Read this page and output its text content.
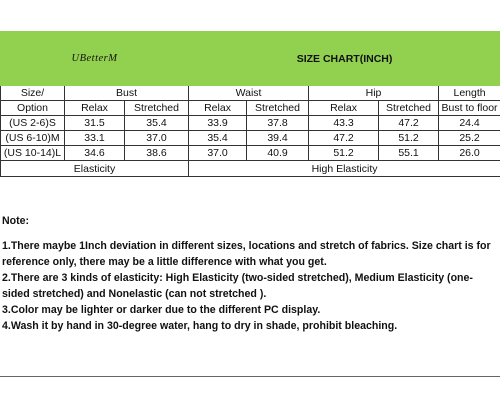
UBetterM			SIZE CHART(INCH)				
Size/	Bust		Waist		Hip		Length
Option	Relax	Stretched	Relax	Stretched	Relax	Stretched	Bust to floor
(US 2-6)S	31.5	35.4	33.9	37.8	43.3	47.2	24.4
(US 6-10)M	33.1	37.0	35.4	39.4	47.2	51.2	25.2
(US 10-14)L	34.6	38.6	37.0	40.9	51.2	55.1	26.0
Elasticity			High Elasticity				

Note:

1.There maybe 1Inch deviation in different sizes, locations and stretch of fabrics. Size chart is for reference only, there may be a little difference with what you get.

2.There are 3 kinds of elasticity: High Elasticity (two-sided stretched), Medium Elasticity (one-sided stretched) and Nonelastic (can not stretched ).

3.Color may be lighter or darker due to the different PC display.

4.Wash it by hand in 30-degree water, hang to dry in shade, prohibit bleaching.
